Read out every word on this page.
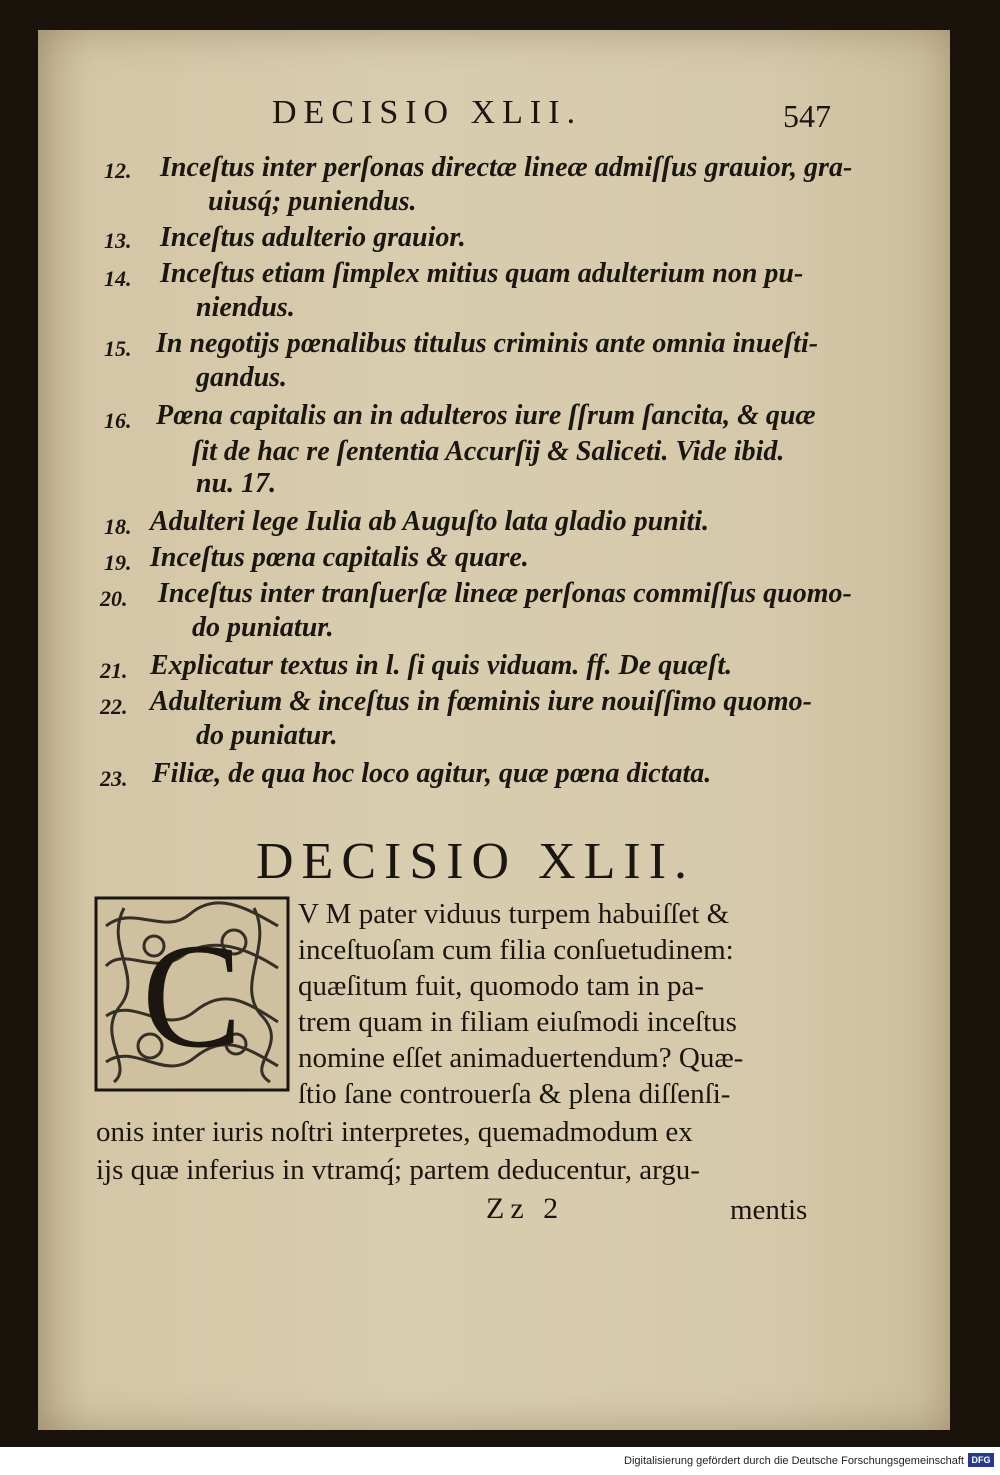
DECISIO XLII.	547
12. Inceſtus inter perſonas directæ lineæ admiſſus grauior, gra-
uiusq́; puniendus.
13. Inceſtus adulterio grauior.
14. Inceſtus etiam ſimplex mitius quam adulterium non pu-
niendus.
15. In negotijs pœnalibus titulus criminis ante omnia inueſti-
gandus.
16. Pœna capitalis an in adulteros iure ſſrum ſancita, & quæ
ſit de hac re ſententia Accurſij & Saliceti. Vide ibid.
nu. 17.
18. Adulteri lege Iulia ab Auguſto lata gladio puniti.
19. Inceſtus pœna capitalis & quare.
20. Inceſtus inter tranſuerſæ lineæ perſonas commiſſus quomo-
do puniatur.
21. Explicatur textus in l. ſi quis viduam. ff. De quæſt.
22. Adulterium & inceſtus in fœminis iure nouiſſimo quomo-
do puniatur.
23. Filiæ, de qua hoc loco agitur, quæ pœna dictata.
DECISIO XLII.
C V M pater viduus turpem habuiſſet &
inceſtuoſam cum filia conſuetudinem:
quæſitum fuit, quomodo tam in pa-
trem quam in filiam eiuſmodi inceſtus
nomine eſſet animaduertendum? Quæ-
ſtio ſane controuerſa & plena diſſenſi-
onis inter iuris noſtri interpretes, quemadmodum ex
ijs quæ inferius in vtramq́; partem deducentur, argu-
Zz 2	mentis
Digitalisierung gefördert durch die Deutsche Forschungsgemeinschaft DFG
